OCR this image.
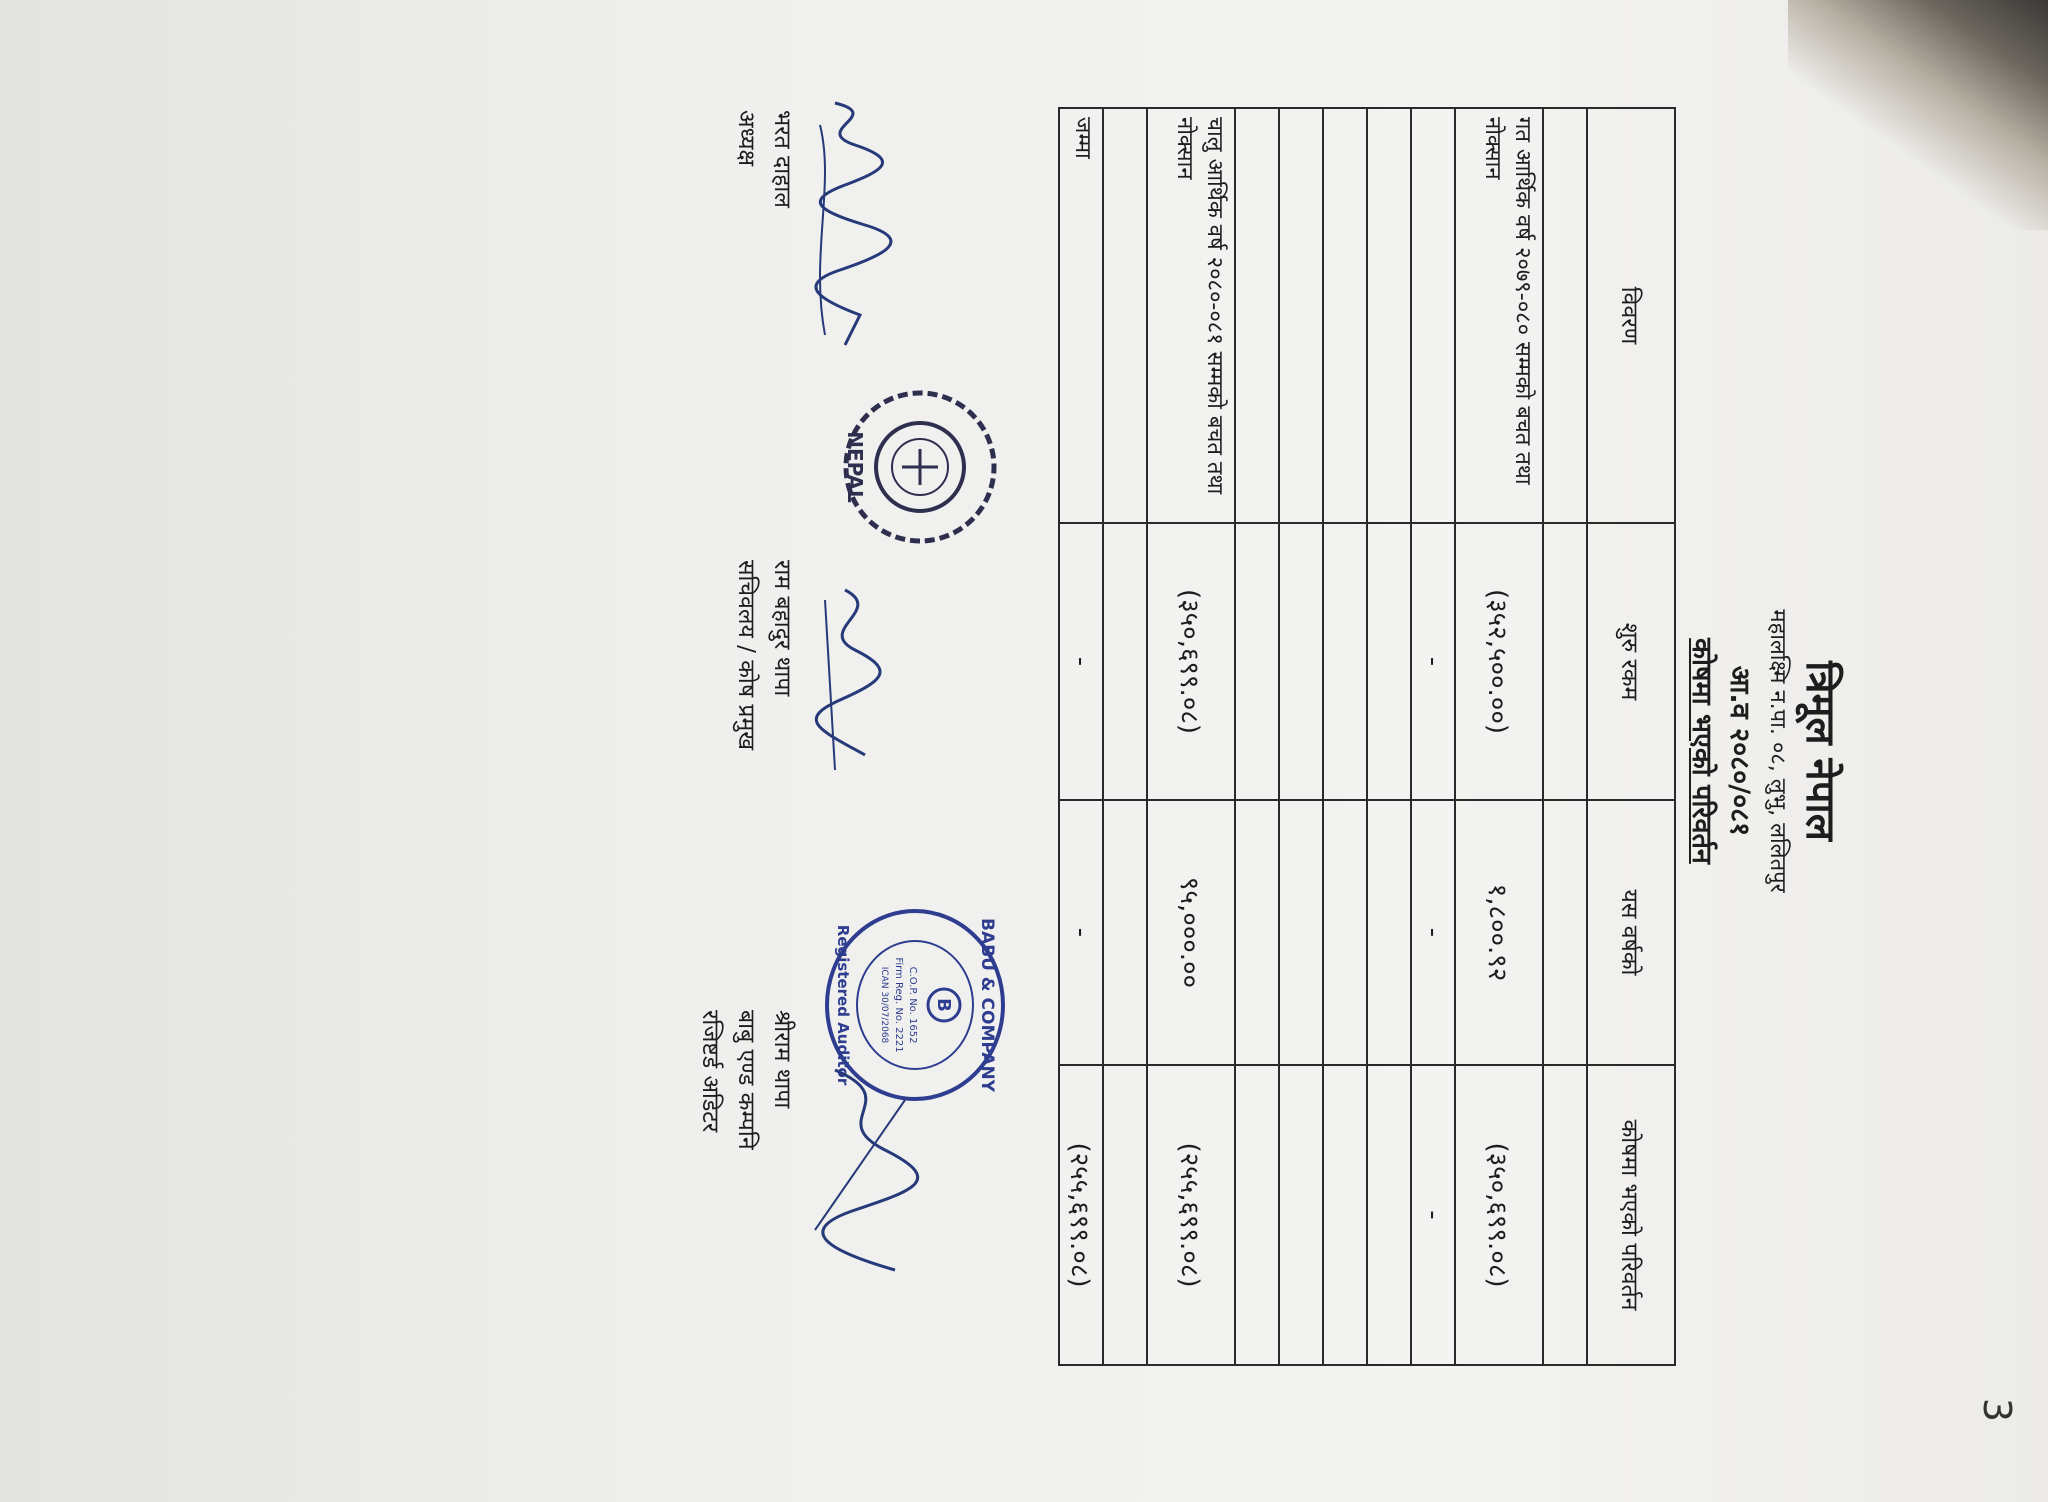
त्रिमूल नेपाल
महालक्ष्मि न.पा. ०८, लुभु, ललितपुर
आ.व २०८०/०८१
कोषमा भएको परिवर्तन
विवरण	शुरु रकम	यस वर्षको	कोषमा भएको परिवर्तन

गत आर्थिक वर्ष २०७९-०८० सम्मको बचत तथा नोक्सान	(३५२,५००.००)	१,८००.९२	(३५०,६९९.०८)
	-	-	-

चालु आर्थिक वर्ष २०८०-०८१ सम्मको बचत तथा नोक्सान	(३५०,६९९.०८)	९५,०००.००	(२५५,६९९.०८)

जम्मा	-	-	(२५५,६९९.०८)
भरत दाहाल
अध्यक्ष
NEPAL
राम बहादुर थापा
सचिवलय / कोष प्रमुख
BABU & COMPANY
B
C.O.P. No. 1652
Firm Reg. No. 2221
ICAN 30/07/2068
Registered Auditor
श्रीराम थापा
बाबु एण्ड कम्पनि
रजिष्टर्ड अडिटर
3
